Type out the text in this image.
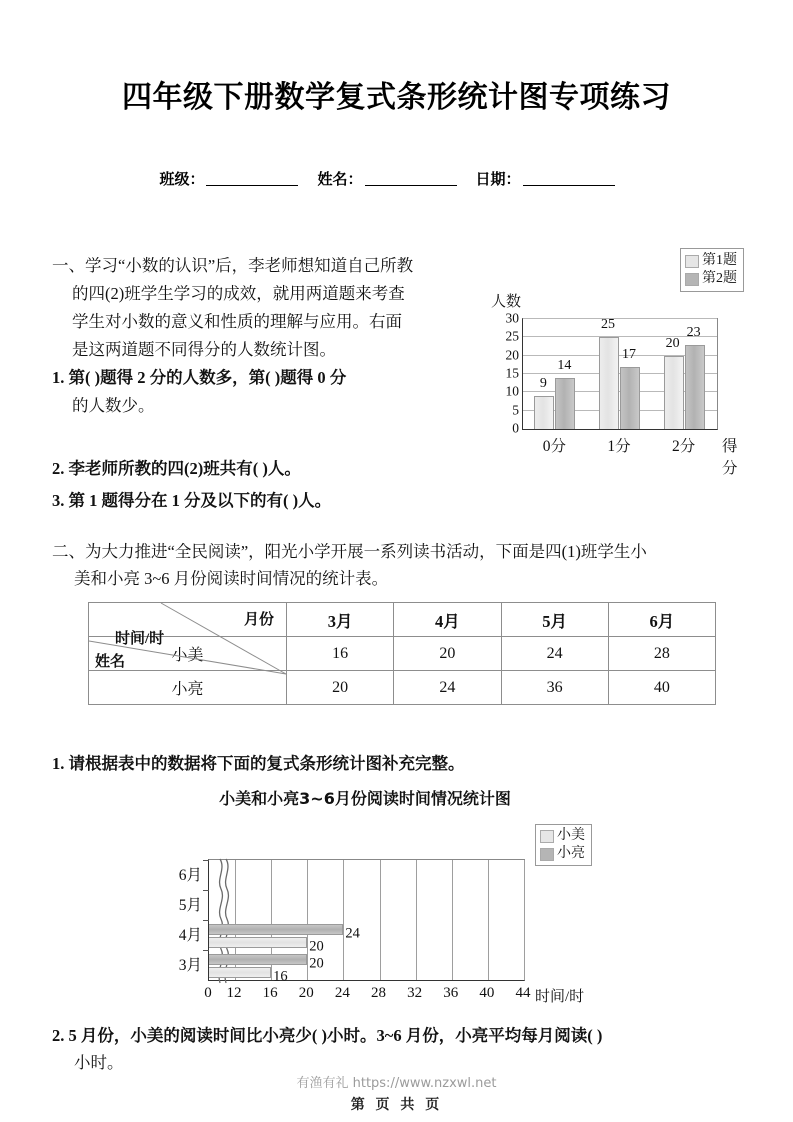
四年级下册数学复式条形统计图专项练习
班级：	姓名：	日期：

一、学习“小数的认识”后，李老师想知道自己所教

的四(2)班学生学习的成效，就用两道题来考查

学生对小数的意义和性质的理解与应用。右面

是这两道题不同得分的人数统计图。

1. 第( )题得 2 分的人数多，第( )题得 0 分

的人数少。

2. 李老师所教的四(2)班共有( )人。
3. 第 1 题得分在 1 分及以下的有( )人。
人数
第1题
第2题
0
5
10
15
20
25
30
得分
9
14
0分
25
17
1分
20
23
2分

二、为大力推进“全民阅读”，阳光小学开展一系列读书活动，下面是四(1)班学生小

美和小亮 3~6 月份阅读时间情况的统计表。

月份
时间/时
姓名	3月	4月	5月	6月
小美	16	20	24	28
小亮	20	24	36	40
1. 请根据表中的数据将下面的复式条形统计图补充完整。
小美和小亮3~6月份阅读时间情况统计图
小美
小亮
时间/时
0 12 16 20 24 28 32 36 40 44
20
16
3月
24
20
4月
5月
6月

2. 5 月份，小美的阅读时间比小亮少( )小时。3~6 月份，小亮平均每月阅读( )

小时。

有渔有礼 https://www.nzxwl.net
第 页 共 页
